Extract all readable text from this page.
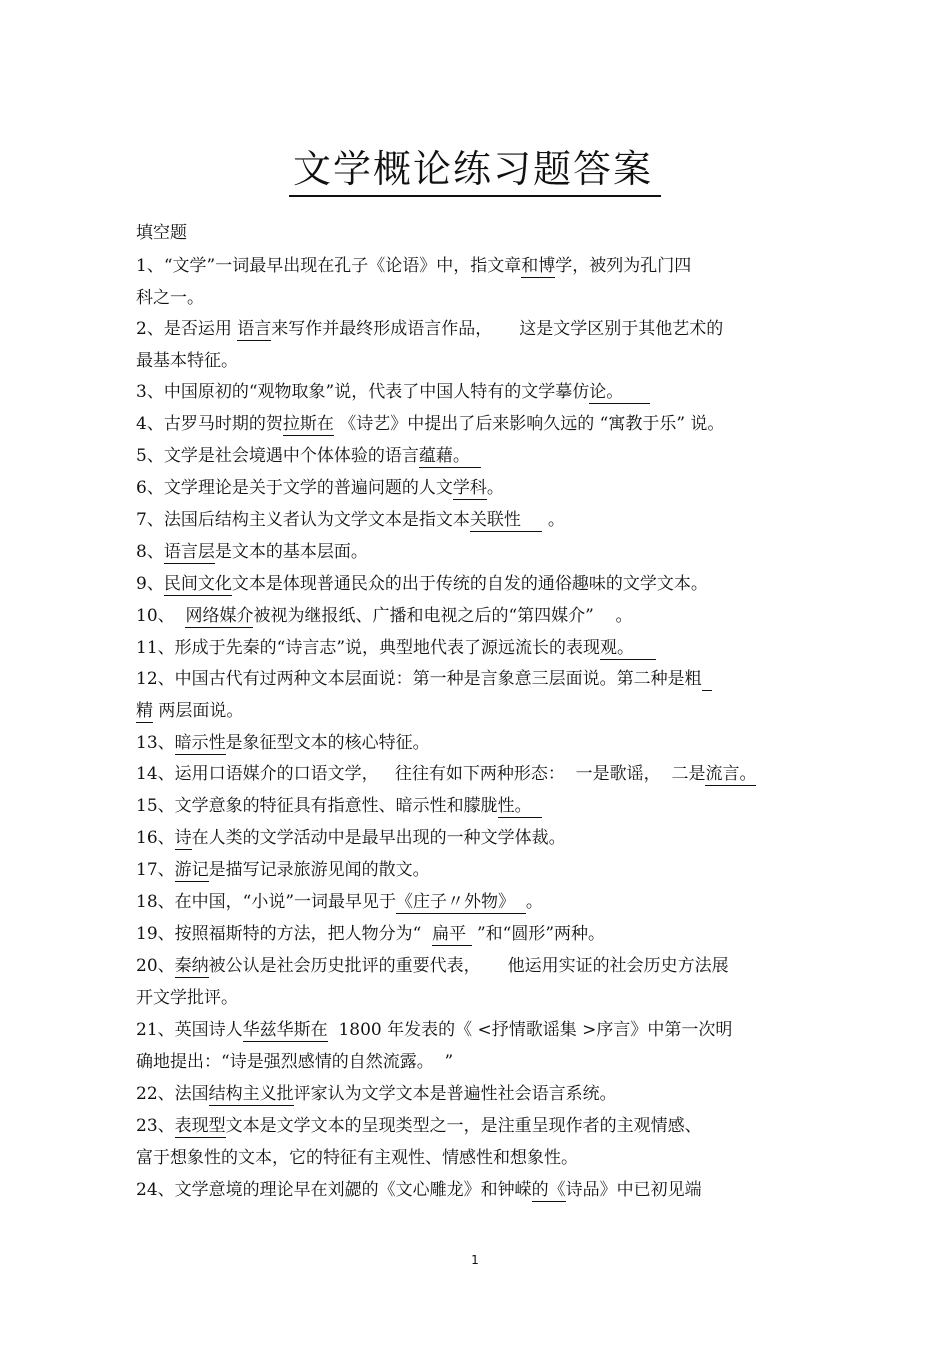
文学概论练习题答案
填空题
1、“文学”一词最早出现在孔子《论语》中，指文章和博学，被列为孔门四
科之一。
2、是否运用 语言来写作并最终形成语言作品，     这是文学区别于其他艺术的
最基本特征。
3、中国原初的“观物取象”说，代表了中国人特有的文学摹仿论。
4、古罗马时期的贺拉斯在 《诗艺》中提出了后来影响久远的 “寓教于乐” 说。
5、文学是社会境遇中个体体验的语言蕴藉。
6、文学理论是关于文学的普遍问题的人文学科。
7、法国后结构主义者认为文学文本是指文本关联性     。
8、语言层是文本的基本层面。
9、民间文化文本是体现普通民众的出于传统的自发的通俗趣味的文学文本。
10、  网络媒介被视为继报纸、广播和电视之后的“第四媒介”    。
11、形成于先秦的“诗言志”说，典型地代表了源远流长的表现观。
12、中国古代有过两种文本层面说：第一种是言象意三层面说。第二种是粗
精 两层面说。
13、暗示性是象征型文本的核心特征。
14、运用口语媒介的口语文学，   往往有如下两种形态：  一是歌谣，  二是流言。
15、文学意象的特征具有指意性、暗示性和朦胧性。
16、诗在人类的文学活动中是最早出现的一种文学体裁。
17、游记是描写记录旅游见闻的散文。
18、在中国，“小说”一词最早见于《庄子〃外物》  。
19、按照福斯特的方法，把人物分为“  扁平  ”和“圆形”两种。
20、秦纳被公认是社会历史批评的重要代表，     他运用实证的社会历史方法展
开文学批评。
21、英国诗人华兹华斯在  1800 年发表的《 <抒情歌谣集 >序言》中第一次明
确地提出：“诗是强烈感情的自然流露。  ”
22、法国结构主义批评家认为文学文本是普遍性社会语言系统。
23、表现型文本是文学文本的呈现类型之一，是注重呈现作者的主观情感、
富于想象性的文本，它的特征有主观性、情感性和想象性。
24、文学意境的理论早在刘勰的《文心雕龙》和钟嵘的《诗品》中已初见端
1
